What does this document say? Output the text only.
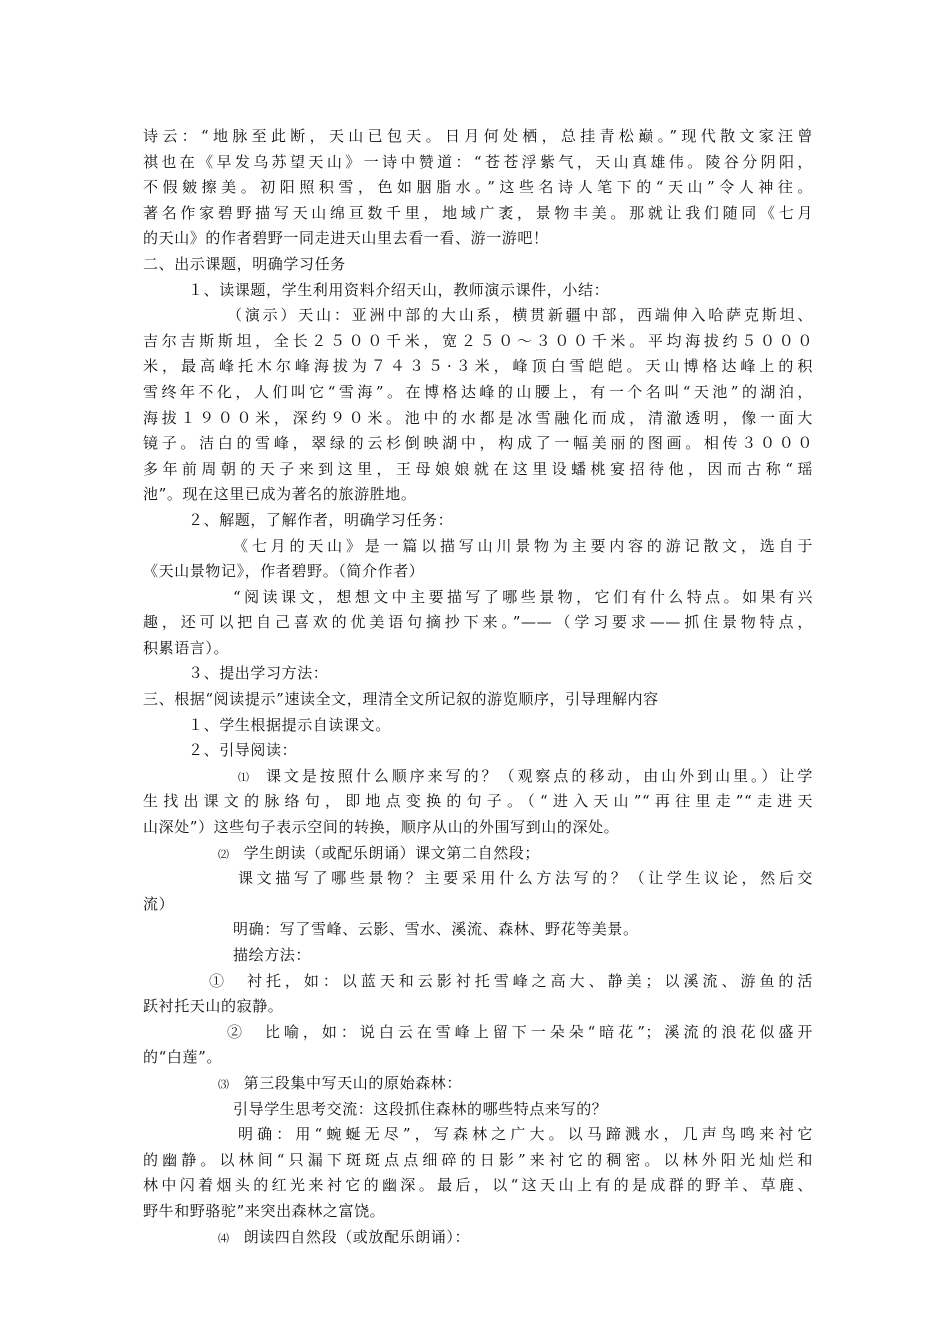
诗云：“地脉至此断，天山已包天。日月何处栖，总挂青松巅。”现代散文家汪曾
祺也在《早发乌苏望天山》一诗中赞道：“苍苍浮紫气，天山真雄伟。陵谷分阴阳，
不假皴擦美。初阳照积雪，色如胭脂水。”这些名诗人笔下的“天山”令人神往。
著名作家碧野描写天山绵亘数千里，地域广袤，景物丰美。那就让我们随同《七月
的天山》的作者碧野一同走进天山里去看一看、游一游吧！
二、出示课题，明确学习任务
１、读课题，学生利用资料介绍天山，教师演示课件，小结：
（演示）天山：亚洲中部的大山系，横贯新疆中部，西端伸入哈萨克斯坦、
吉尔吉斯斯坦，全长２５００千米，宽２５０～３００千米。平均海拔约５０００
米，最高峰托木尔峰海拔为７４３５·３米，峰顶白雪皑皑。天山博格达峰上的积
雪终年不化，人们叫它“雪海”。在博格达峰的山腰上，有一个名叫“天池”的湖泊，
海拔１９００米，深约９０米。池中的水都是冰雪融化而成，清澈透明，像一面大
镜子。洁白的雪峰，翠绿的云杉倒映湖中，构成了一幅美丽的图画。相传３０００
多年前周朝的天子来到这里，王母娘娘就在这里设蟠桃宴招待他，因而古称“瑶
池”。现在这里已成为著名的旅游胜地。
２、解题，了解作者，明确学习任务：
《七月的天山》是一篇以描写山川景物为主要内容的游记散文，选自于
《天山景物记》，作者碧野。（简介作者）
“阅读课文，想想文中主要描写了哪些景物，它们有什么特点。如果有兴
趣，还可以把自己喜欢的优美语句摘抄下来。”——（学习要求——抓住景物特点，
积累语言）。
３、提出学习方法：
三、根据“阅读提示”速读全文，理清全文所记叙的游览顺序，引导理解内容
１、学生根据提示自读课文。
２、引导阅读：
⑴ 课文是按照什么顺序来写的？（观察点的移动，由山外到山里。）让学
生找出课文的脉络句，即地点变换的句子。（“进入天山”“再往里走”“走进天
山深处”）这些句子表示空间的转换，顺序从山的外围写到山的深处。
⑵ 学生朗读（或配乐朗诵）课文第二自然段；
课文描写了哪些景物？主要采用什么方法写的？（让学生议论，然后交
流）
明确：写了雪峰、云影、雪水、溪流、森林、野花等美景。
描绘方法：
①　衬托，如：以蓝天和云影衬托雪峰之高大、静美；以溪流、游鱼的活
跃衬托天山的寂静。
②　比喻，如：说白云在雪峰上留下一朵朵“暗花”；溪流的浪花似盛开
的“白莲”。
⑶ 第三段集中写天山的原始森林：
引导学生思考交流：这段抓住森林的哪些特点来写的？
明确：用“蜿蜒无尽”，写森林之广大。以马蹄溅水，几声鸟鸣来衬它
的幽静。以林间“只漏下斑斑点点细碎的日影”来衬它的稠密。以林外阳光灿烂和
林中闪着烟头的红光来衬它的幽深。最后，以“这天山上有的是成群的野羊、草鹿、
野牛和野骆驼”来突出森林之富饶。
⑷ 朗读四自然段（或放配乐朗诵）：
